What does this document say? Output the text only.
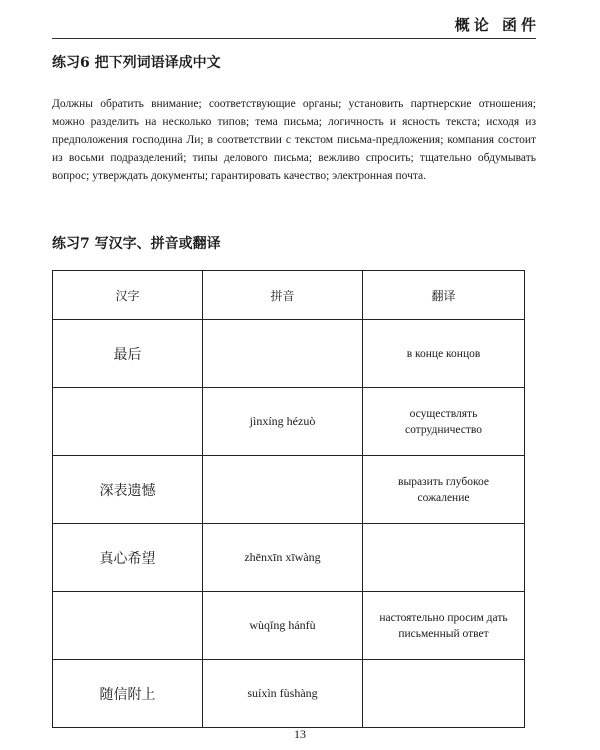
概论 函件
练习6 把下列词语译成中文
Должны обратить внимание; соответствующие органы; установить партнерские отношения; можно разделить на несколько типов; тема письма; логичность и ясность текста; исходя из предположения господина Ли; в соответствии с текстом письма-предложения; компания состоит из восьми подразделений; типы делового письма; вежливо спросить; тщательно обдумывать вопрос; утверждать документы; гарантировать качество; электронная почта.
练习7 写汉字、拼音或翻译
汉字	拼音	翻译
最后		в конце концов
	jìnxíng hézuò	осуществлять сотрудничество
深表遗憾		выразить глубокое сожаление
真心希望	zhēnxīn xīwàng	
	wùqǐng hánfù	настоятельно просим дать письменный ответ
随信附上	suíxìn fùshàng	
13
